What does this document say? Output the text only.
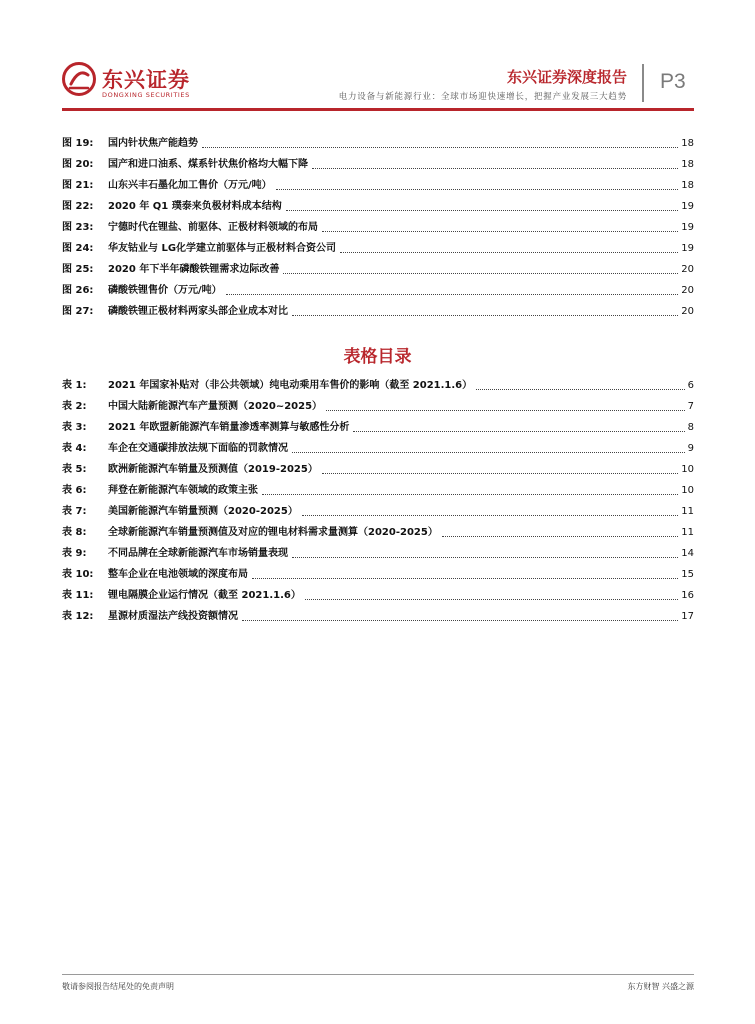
东兴证券
DONGXING SECURITIES
东兴证券深度报告
电力设备与新能源行业：全球市场迎快速增长，把握产业发展三大趋势
P3
图 19:	国内针状焦产能趋势	18
图 20:	国产和进口油系、煤系针状焦价格均大幅下降	18
图 21:	山东兴丰石墨化加工售价（万元/吨）	18
图 22:	2020 年 Q1 璞泰来负极材料成本结构	19
图 23:	宁德时代在锂盐、前驱体、正极材料领域的布局	19
图 24:	华友钴业与 LG化学建立前驱体与正极材料合资公司	19
图 25:	2020 年下半年磷酸铁锂需求边际改善	20
图 26:	磷酸铁锂售价（万元/吨）	20
图 27:	磷酸铁锂正极材料两家头部企业成本对比	20
表格目录
表 1:	2021 年国家补贴对（非公共领域）纯电动乘用车售价的影响（截至 2021.1.6）	6
表 2:	中国大陆新能源汽车产量预测（2020~2025）	7
表 3:	2021 年欧盟新能源汽车销量渗透率测算与敏感性分析	8
表 4:	车企在交通碳排放法规下面临的罚款情况	9
表 5:	欧洲新能源汽车销量及预测值（2019-2025）	10
表 6:	拜登在新能源汽车领域的政策主张	10
表 7:	美国新能源汽车销量预测（2020-2025）	11
表 8:	全球新能源汽车销量预测值及对应的锂电材料需求量测算（2020-2025）	11
表 9:	不同品牌在全球新能源汽车市场销量表现	14
表 10:	整车企业在电池领域的深度布局	15
表 11:	锂电隔膜企业运行情况（截至 2021.1.6）	16
表 12:	星源材质湿法产线投资额情况	17
敬请参阅报告结尾处的免责声明	东方财智 兴盛之源
